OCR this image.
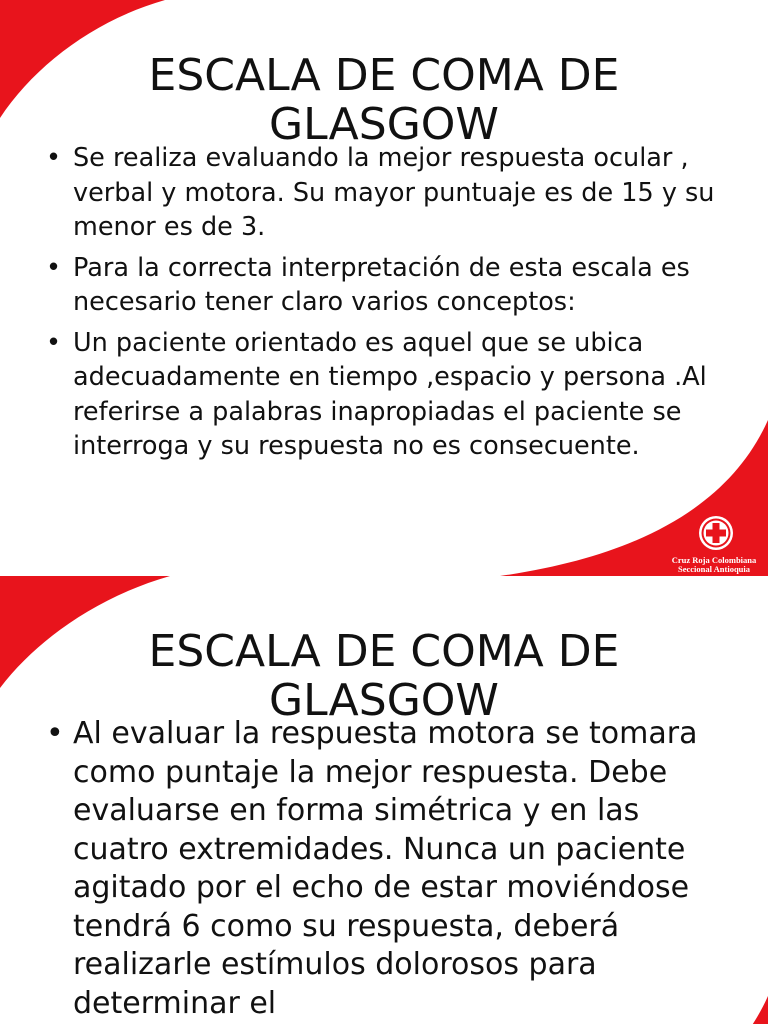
ESCALA DE COMA DE
GLASGOW
• Se realiza evaluando la mejor respuesta ocular , verbal y motora. Su mayor puntuaje es de 15 y su menor es de 3.
• Para la correcta interpretación de esta escala es necesario tener claro varios conceptos:
• Un paciente orientado es aquel que se ubica adecuadamente en tiempo ,espacio y persona .Al referirse a palabras inapropiadas el paciente se interroga y su respuesta no es consecuente.
Cruz Roja Colombiana
Seccional Antioquia
ESCALA DE COMA DE
GLASGOW
• Al evaluar la respuesta motora se tomara como puntaje la mejor respuesta. Debe evaluarse en forma simétrica y en las cuatro extremidades. Nunca un paciente agitado por el echo de estar moviéndose tendrá 6 como su respuesta, deberá realizarle estímulos dolorosos para determinar el
